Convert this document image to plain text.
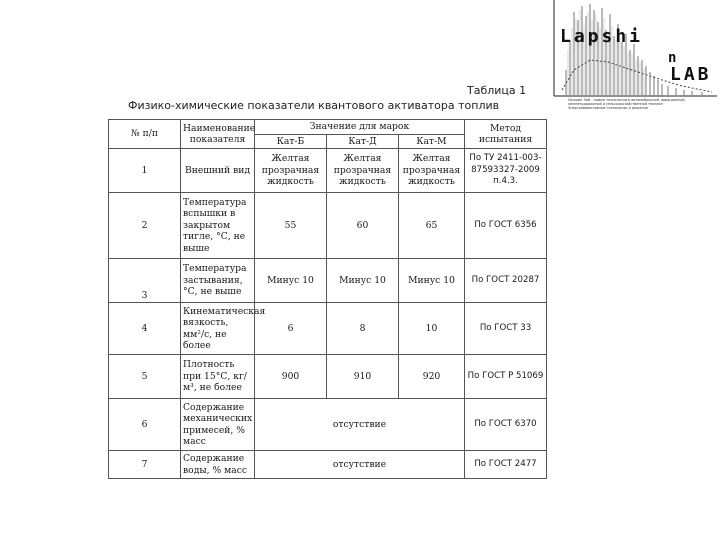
Lapshi
n
LAB
Лапшин Лаб – новые технологии в автомобильной, авиационной, железнодорожной и сельскохозяйственной технике
Энергоэффективные технологии и решения
Таблица 1
Физико-химические показатели квантового активатора топлив
№ п/п	Наименование показателя	Значение для марок			Метод испытания
		Кат-Б	Кат-Д	Кат-М	
1	Внешний вид	Желтая прозрачная жидкость	Желтая прозрачная жидкость	Желтая прозрачная жидкость	По ТУ 2411-003-87593327-2009 п.4.3.
2	Температура вспышки в закрытом тигле, °С, не выше	55	60	65	По ГОСТ 6356
3	Температура застывания, °С, не выше	Минус 10	Минус 10	Минус 10	По ГОСТ 20287
4	Кинематическая вязкость, мм²/с, не более	6	8	10	По ГОСТ 33
5	Плотность при 15°С, кг/м³, не более	900	910	920	По ГОСТ Р 51069
6	Содержание механических примесей, % масс	отсутствие			По ГОСТ 6370
7	Содержание воды, % масс	отсутствие			По ГОСТ 2477
